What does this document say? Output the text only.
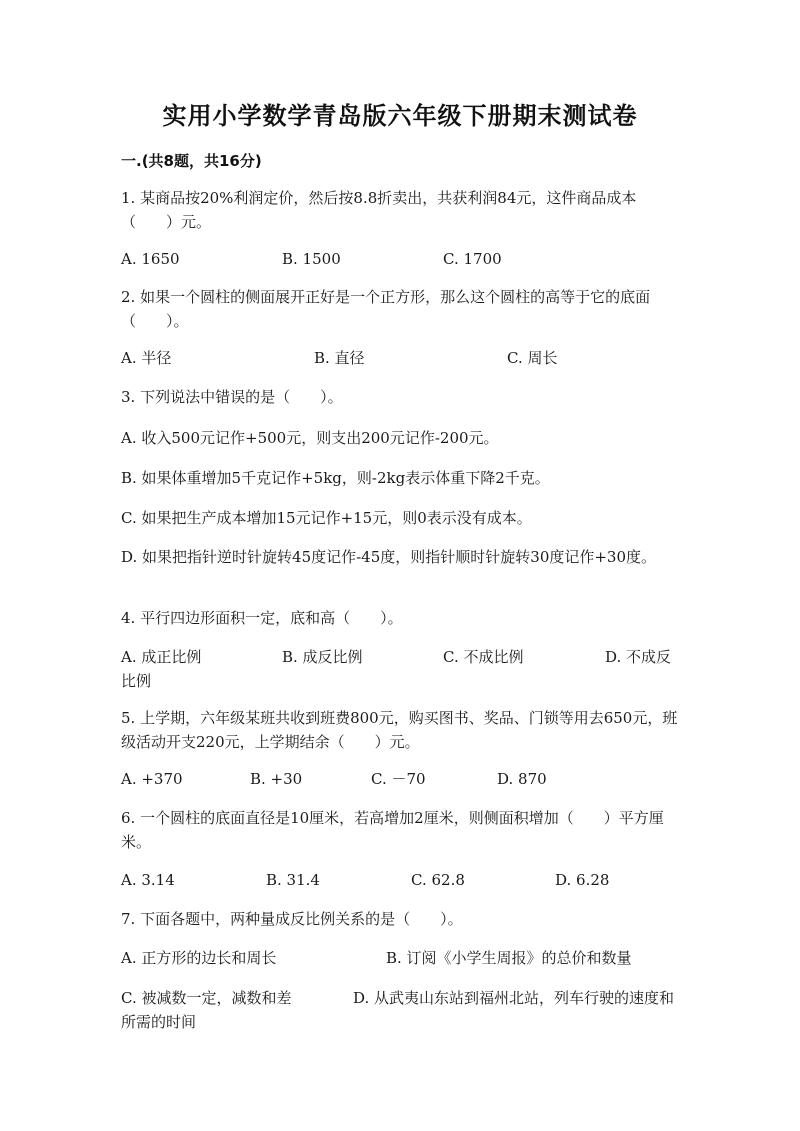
实用小学数学青岛版六年级下册期末测试卷
一.(共8题，共16分)
1. 某商品按20%利润定价，然后按8.8折卖出，共获利润84元，这件商品成本（　　）元。
A. 1650	B. 1500	C. 1700
2. 如果一个圆柱的侧面展开正好是一个正方形，那么这个圆柱的高等于它的底面（　　）。
A. 半径	B. 直径	C. 周长
3. 下列说法中错误的是（　　）。
A. 收入500元记作+500元，则支出200元记作-200元。
B. 如果体重增加5千克记作+5kg，则-2kg表示体重下降2千克。
C. 如果把生产成本增加15元记作+15元，则0表示没有成本。
D. 如果把指针逆时针旋转45度记作-45度，则指针顺时针旋转30度记作+30度。
4. 平行四边形面积一定，底和高（　　）。
A. 成正比例	B. 成反比例	C. 不成比例	D. 不成反比例
5. 上学期，六年级某班共收到班费800元，购买图书、奖品、门锁等用去650元，班级活动开支220元，上学期结余（　　）元。
A. +370	B. +30	C. －70	D. 870
6. 一个圆柱的底面直径是10厘米，若高增加2厘米，则侧面积增加（　　）平方厘米。
A. 3.14	B. 31.4	C. 62.8	D. 6.28
7. 下面各题中，两种量成反比例关系的是（　　）。
A. 正方形的边长和周长	B. 订阅《小学生周报》的总价和数量
C. 被减数一定，减数和差	D. 从武夷山东站到福州北站，列车行驶的速度和所需的时间
